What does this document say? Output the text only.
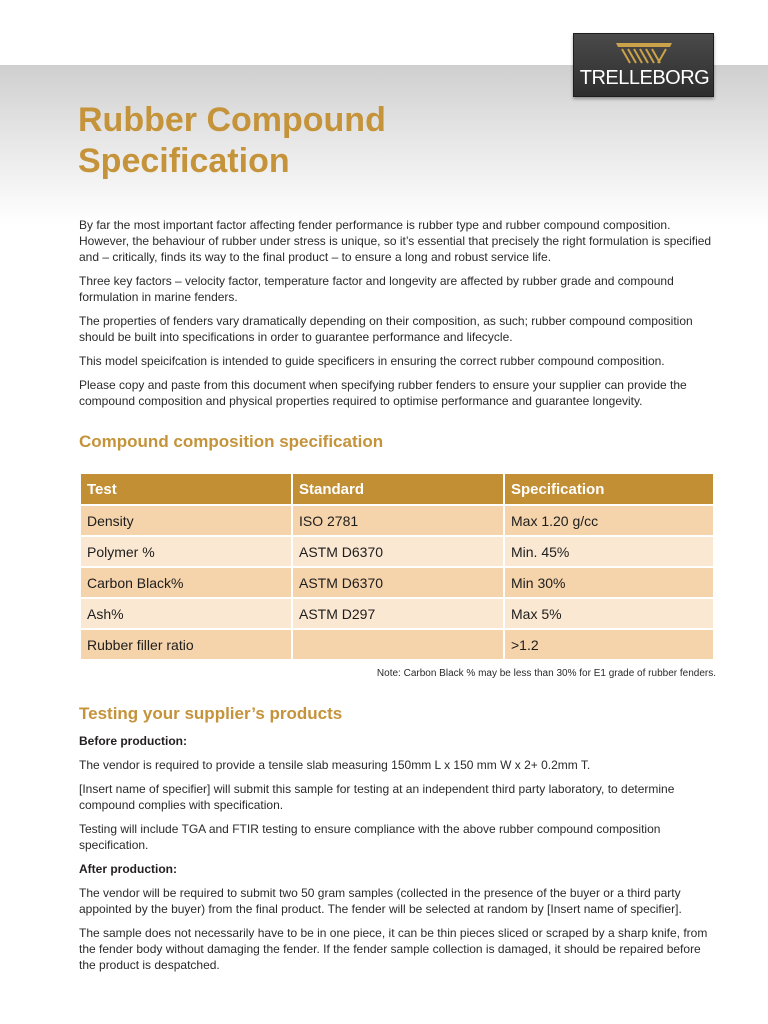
TRELLEBORG
Rubber Compound
Specification

By far the most important factor affecting fender performance is rubber type and rubber compound composition. However, the behaviour of rubber under stress is unique, so it’s essential that precisely the right formulation is specified and – critically, finds its way to the final product – to ensure a long and robust service life.

Three key factors – velocity factor, temperature factor and longevity are affected by rubber grade and compound formulation in marine fenders.

The properties of fenders vary dramatically depending on their composition, as such; rubber compound composition should be built into specifications in order to guarantee performance and lifecycle.

This model speicifcation is intended to guide specificers in ensuring the correct rubber compound composition.

Please copy and paste from this document when specifying rubber fenders to ensure your supplier can provide the compound composition and physical properties required to optimise performance and guarantee longevity.

Compound composition specification
Test	Standard	Specification
Density	ISO 2781	Max 1.20 g/cc
Polymer %	ASTM D6370	Min. 45%
Carbon Black%	ASTM D6370	Min 30%
Ash%	ASTM D297	Max 5%
Rubber filler ratio		>1.2
Note: Carbon Black % may be less than 30% for E1 grade of rubber fenders.
Testing your supplier’s products

Before production:

The vendor is required to provide a tensile slab measuring 150mm L x 150 mm W x 2+ 0.2mm T.

[Insert name of specifier] will submit this sample for testing at an independent third party laboratory, to determine compound complies with specification.

Testing will include TGA and FTIR testing to ensure compliance with the above rubber compound composition specification.

After production:

The vendor will be required to submit two 50 gram samples (collected in the presence of the buyer or a third party appointed by the buyer) from the final product. The fender will be selected at random by [Insert name of specifier].

The sample does not necessarily have to be in one piece, it can be thin pieces sliced or scraped by a sharp knife, from the fender body without damaging the fender. If the fender sample collection is damaged, it should be repaired before the product is despatched.
